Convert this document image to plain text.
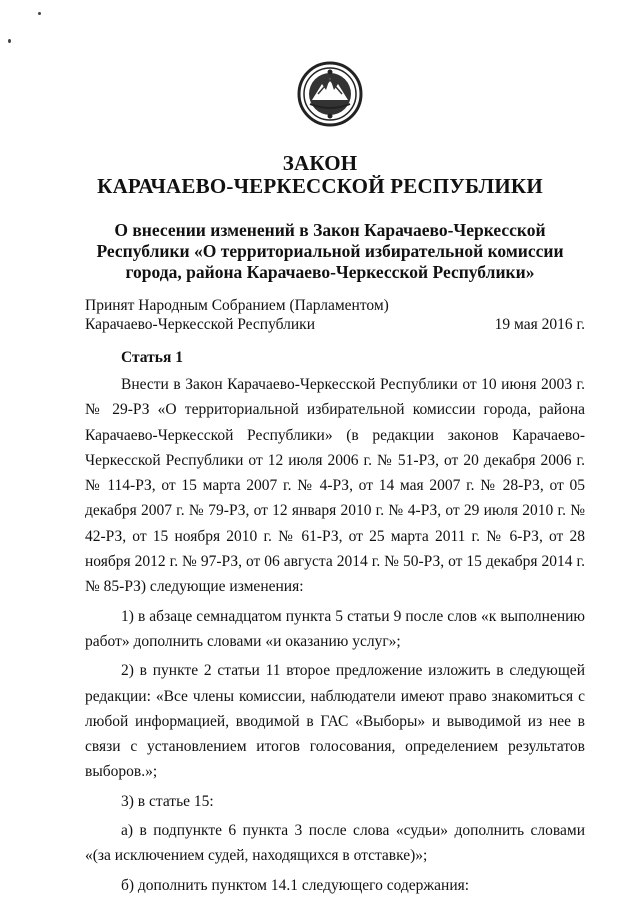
ЗАКОН
КАРАЧАЕВО-ЧЕРКЕССКОЙ РЕСПУБЛИКИ
О внесении изменений в Закон Карачаево-Черкесской Республики «О территориальной избирательной комиссии города, района Карачаево-Черкесской Республики»
Принят Народным Собранием (Парламентом)
Карачаево-Черкесской Республики	19 мая 2016 г.
Статья 1

Внести в Закон Карачаево-Черкесской Республики от 10 июня 2003 г. № 29-РЗ «О территориальной избирательной комиссии города, района Карачаево-Черкесской Республики» (в редакции законов Карачаево-Черкесской Республики от 12 июля 2006 г. № 51-РЗ, от 20 декабря 2006 г. № 114-РЗ, от 15 марта 2007 г. № 4-РЗ, от 14 мая 2007 г. № 28-РЗ, от 05 декабря 2007 г. № 79-РЗ, от 12 января 2010 г. № 4-РЗ, от 29 июля 2010 г. № 42-РЗ, от 15 ноября 2010 г. № 61-РЗ, от 25 марта 2011 г. № 6-РЗ, от 28 ноября 2012 г. № 97-РЗ, от 06 августа 2014 г. № 50-РЗ, от 15 декабря 2014 г. № 85-РЗ) следующие изменения:

1) в абзаце семнадцатом пункта 5 статьи 9 после слов «к выполнению работ» дополнить словами «и оказанию услуг»;

2) в пункте 2 статьи 11 второе предложение изложить в следующей редакции: «Все члены комиссии, наблюдатели имеют право знакомиться с любой информацией, вводимой в ГАС «Выборы» и выводимой из нее в связи с установлением итогов голосования, определением результатов выборов.»;

3) в статье 15:

а) в подпункте 6 пункта 3 после слова «судьи» дополнить словами «(за исключением судей, находящихся в отставке)»;

б) дополнить пунктом 14.1 следующего содержания:
